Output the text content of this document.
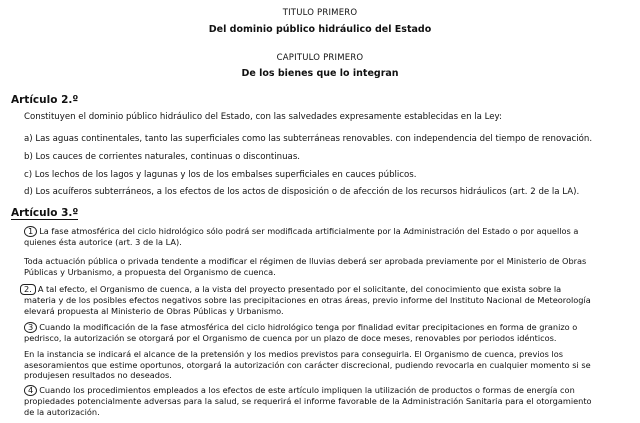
TITULO PRIMERO
Del dominio público hidráulico del Estado
CAPITULO PRIMERO
De los bienes que lo integran
Artículo 2.º
Constituyen el dominio público hidráulico del Estado, con las salvedades expresamente establecidas en la Ley:
a) Las aguas continentales, tanto las superficiales como las subterráneas renovables. con independencia del tiempo de renovación.
b) Los cauces de corrientes naturales, continuas o discontinuas.
c) Los lechos de los lagos y lagunas y los de los embalses superficiales en cauces públicos.
d) Los acuíferos subterráneos, a los efectos de los actos de disposición o de afección de los recursos hidráulicos (art. 2 de la LA).
Artículo 3.º
1 La fase atmosférica del ciclo hidrológico sólo podrá ser modificada artificialmente por la Administración del Estado o por aquellos a
quienes ésta autorice (art. 3 de la LA).
Toda actuación pública o privada tendente a modificar el régimen de lluvias deberá ser aprobada previamente por el Ministerio de Obras
Públicas y Urbanismo, a propuesta del Organismo de cuenca.
2. A tal efecto, el Organismo de cuenca, a la vista del proyecto presentado por el solicitante, del conocimiento que exista sobre la
materia y de los posibles efectos negativos sobre las precipitaciones en otras áreas, previo informe del Instituto Nacional de Meteorología
elevará propuesta al Ministerio de Obras Públicas y Urbanismo.
3 Cuando la modificación de la fase atmosférica del ciclo hidrológico tenga por finalidad evitar precipitaciones en forma de granizo o
pedrisco, la autorización se otorgará por el Organismo de cuenca por un plazo de doce meses, renovables por periodos idénticos.
En la instancia se indicará el alcance de la pretensión y los medios previstos para conseguirla. El Organismo de cuenca, previos los
asesoramientos que estime oportunos, otorgará la autorización con carácter discrecional, pudiendo revocarla en cualquier momento si se
produjesen resultados no deseados.
4 Cuando los procedimientos empleados a los efectos de este artículo impliquen la utilización de productos o formas de energía con
propiedades potencialmente adversas para la salud, se requerirá el informe favorable de la Administración Sanitaria para el otorgamiento
de la autorización.
